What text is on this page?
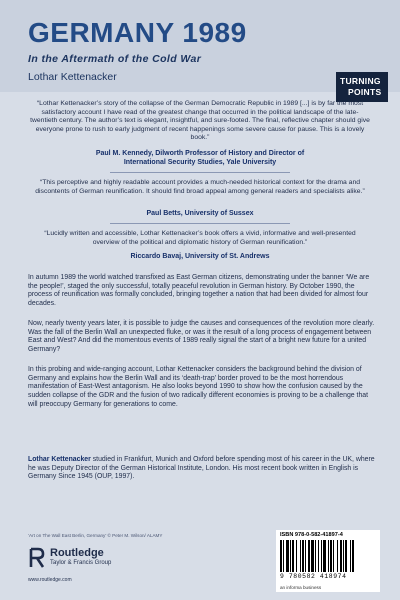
GERMANY 1989
In the Aftermath of the Cold War
Lothar Kettenacker	TURNING
POINTS
“Lothar Kettenacker’s story of the collapse of the German Democratic Republic in 1989 [...] is by far the most satisfactory account I have read of the greatest change that occurred in the political landscape of the late-twentieth century. The author’s text is elegant, insightful, and sure-footed. The final, reflective chapter should give everyone prone to rush to early judgment of recent happenings some severe cause for pause. This is a lovely book.”
Paul M. Kennedy, Dilworth Professor of History and Director of
International Security Studies, Yale University
“This perceptive and highly readable account provides a much-needed historical context for the drama and discontents of German reunification. It should find broad appeal among general readers and specialists alike.”
Paul Betts, University of Sussex
“Lucidly written and accessible, Lothar Kettenacker’s book offers a vivid, informative and well-presented overview of the political and diplomatic history of German reunification.”
Riccardo Bavaj, University of St. Andrews
In autumn 1989 the world watched transfixed as East German citizens, demonstrating under the banner ‘We are the people!’, staged the only successful, totally peaceful revolution in German history. By October 1990, the process of reunification was formally concluded, bringing together a nation that had been divided for almost four decades.
Now, nearly twenty years later, it is possible to judge the causes and consequences of the revolution more clearly. Was the fall of the Berlin Wall an unexpected fluke, or was it the result of a long process of engagement between East and West? And did the momentous events of 1989 really signal the start of a bright new future for a united Germany?
In this probing and wide-ranging account, Lothar Kettenacker considers the background behind the division of Germany and explains how the Berlin Wall and its ‘death-trap’ border proved to be the most horrendous manifestation of East-West antagonism. He also looks beyond 1990 to show how the confusion caused by the sudden collapse of the GDR and the fusion of two radically different economies is proving to be a challenge that will preoccupy Germany for generations to come.
Lothar Kettenacker studied in Frankfurt, Munich and Oxford before spending most of his career in the UK, where he was Deputy Director of the German Historical Institute, London. His most recent book written in English is Germany Since 1945 (OUP, 1997).
‘Art on The Wall East Berlin, Germany’ © Peter M. Wilson/ ALAMY
Routledge
Taylor & Francis Group
www.routledge.com
ISBN 978-0-582-41897-4
9 780582 418974
an informa business
